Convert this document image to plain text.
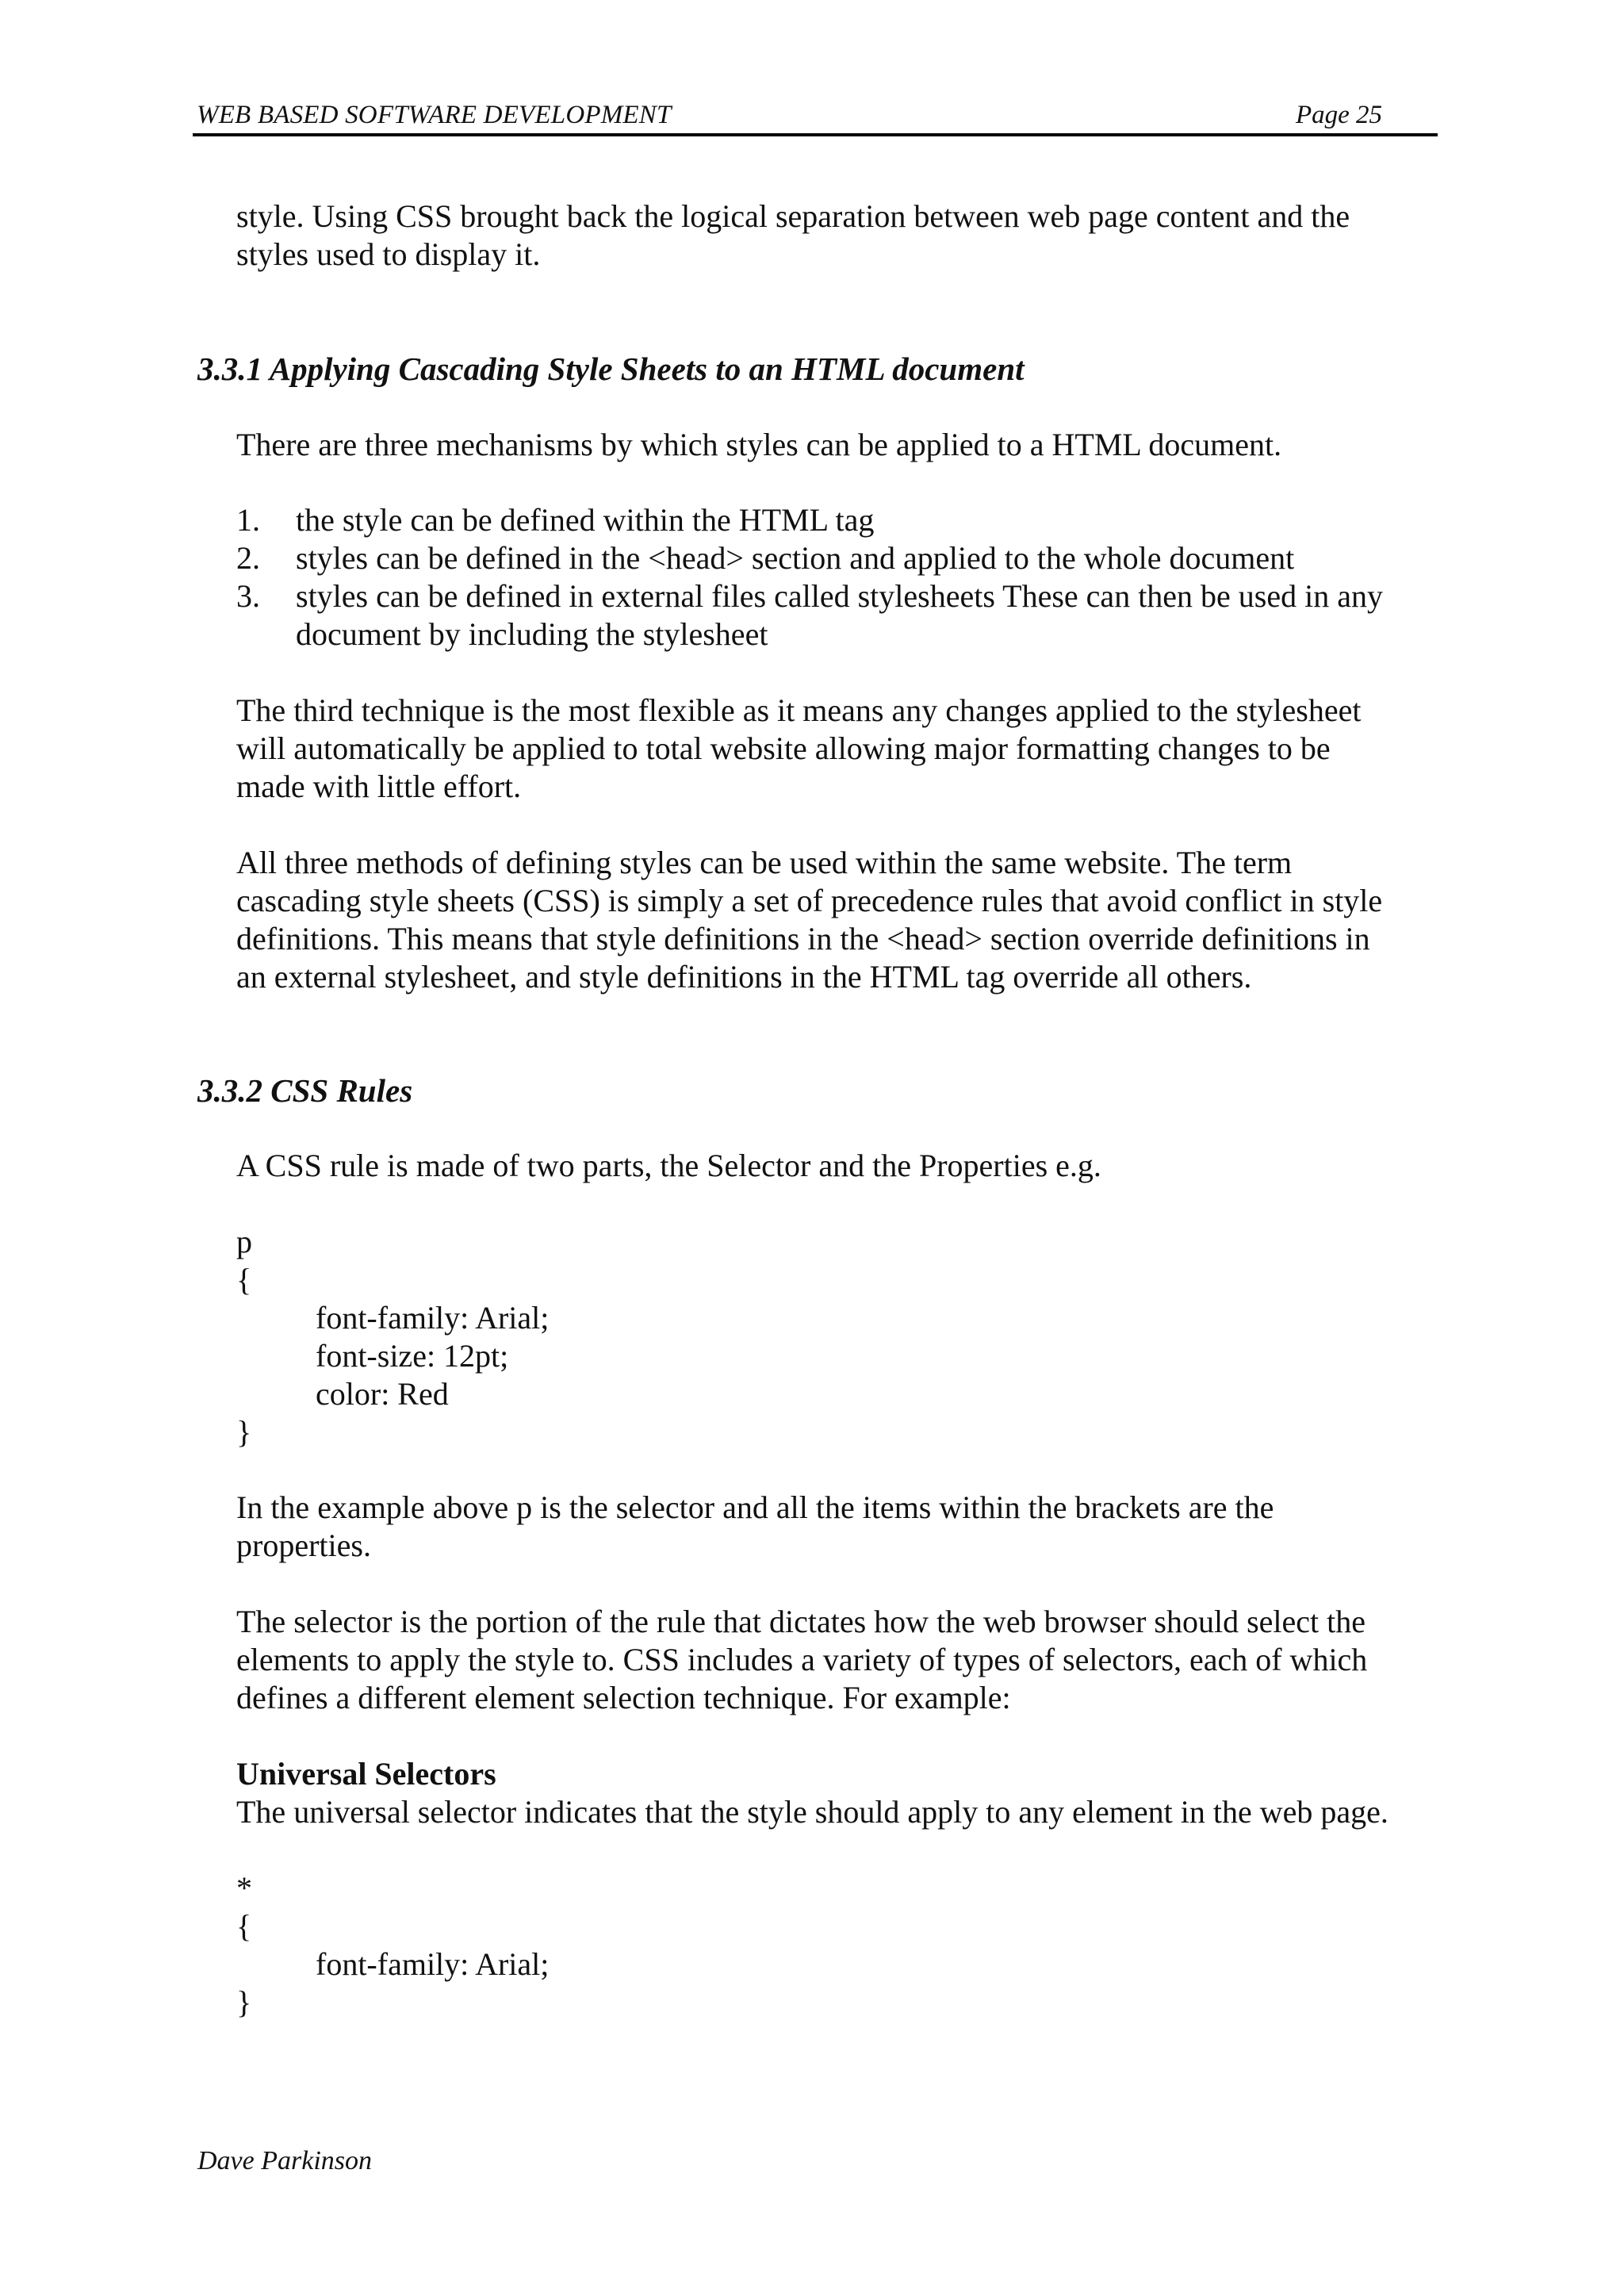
WEB BASED SOFTWARE DEVELOPMENT	Page 25
style. Using CSS brought back the logical separation between web page content and the
styles used to display it.
3.3.1 Applying Cascading Style Sheets to an HTML document
There are three mechanisms by which styles can be applied to a HTML document.
1. the style can be defined within the HTML tag
2. styles can be defined in the <head> section and applied to the whole document
3. styles can be defined in external files called stylesheets These can then be used in any
document by including the stylesheet
The third technique is the most flexible as it means any changes applied to the stylesheet
will automatically be applied to total website allowing major formatting changes to be
made with little effort.
All three methods of defining styles can be used within the same website. The term
cascading style sheets (CSS) is simply a set of precedence rules that avoid conflict in style
definitions. This means that style definitions in the <head> section override definitions in
an external stylesheet, and style definitions in the HTML tag override all others.
3.3.2 CSS Rules
A CSS rule is made of two parts, the Selector and the Properties e.g.
p
{
font-family: Arial;
font-size: 12pt;
color: Red
}
In the example above p is the selector and all the items within the brackets are the
properties.
The selector is the portion of the rule that dictates how the web browser should select the
elements to apply the style to. CSS includes a variety of types of selectors, each of which
defines a different element selection technique. For example:
Universal Selectors
The universal selector indicates that the style should apply to any element in the web page.
*
{
font-family: Arial;
}
Dave Parkinson
